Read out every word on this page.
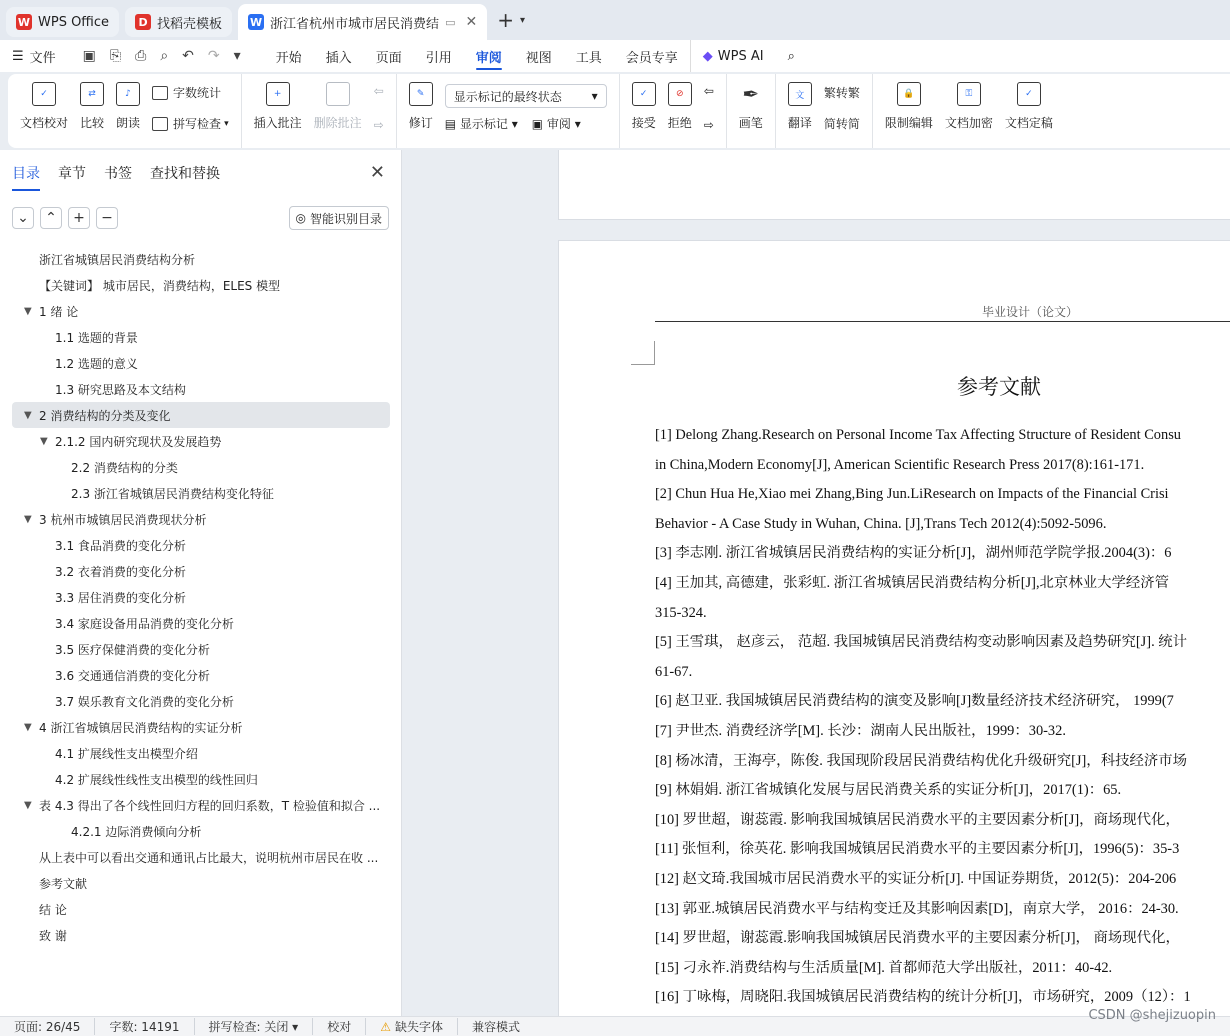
W WPS Office	D 找稻壳模板	W 浙江省杭州市城市居民消费结 ▭ ✕ + ▾
☰ 文件 ▣ ⎘ ⎙ ⌕ ↶ ↷ ▾	开始	插入	页面	引用	审阅	视图	工具	会员专享	◆ WPS AI	⌕
✓
文档校对
⇄
比较
♪
朗读
字数统计
拼写检查 ▾
+
插入批注 删除批注
⇦
⇨
✎
修订
显示标记的最终状态 ▾
▤ 显示标记 ▾ ▣ 审阅 ▾
✓
接受
⊘
拒绝
⇦
⇨
✒
画笔
文
翻译
繁 转繁
简 转简
🔒
限制编辑
⚿
文档加密
✓
文档定稿
目录 章节 书签 查找和替换	✕
⌄	⌃	+	−	◎ 智能识别目录
浙江省城镇居民消费结构分析
【关键词】 城市居民，消费结构，ELES 模型
▼ 1 绪 论
1.1 选题的背景
1.2 选题的意义
1.3 研究思路及本文结构
▼ 2 消费结构的分类及变化
▼ 2.1.2 国内研究现状及发展趋势
2.2 消费结构的分类
2.3 浙江省城镇居民消费结构变化特征
▼ 3 杭州市城镇居民消费现状分析
3.1 食品消费的变化分析
3.2 衣着消费的变化分析
3.3 居住消费的变化分析
3.4 家庭设备用品消费的变化分析
3.5 医疗保健消费的变化分析
3.6 交通通信消费的变化分析
3.7 娱乐教育文化消费的变化分析
▼ 4 浙江省城镇居民消费结构的实证分析
4.1 扩展线性支出模型介绍
4.2 扩展线性线性支出模型的线性回归
▼ 表 4.3 得出了各个线性回归方程的回归系数，T 检验值和拟合 ...
4.2.1 边际消费倾向分析
从上表中可以看出交通和通讯占比最大，说明杭州市居民在收 ...
参考文献
结 论
致 谢
毕业设计（论文）
参考文献
[1] Delong Zhang.Research on Personal Income Tax Affecting Structure of Resident Consu
in China,Modern Economy[J], American Scientific Research Press 2017(8):161-171.
[2] Chun Hua He,Xiao mei Zhang,Bing Jun.LiResearch on Impacts of the Financial Crisi
Behavior - A Case Study in Wuhan, China. [J],Trans Tech 2012(4):5092-5096.
[3] 李志刚. 浙江省城镇居民消费结构的实证分析[J]，湖州师范学院学报.2004(3)：6
[4] 王加其, 高德建，张彩虹. 浙江省城镇居民消费结构分析[J],北京林业大学经济管
315-324.
[5] 王雪琪， 赵彦云， 范超. 我国城镇居民消费结构变动影响因素及趋势研究[J]. 统计
61-67.
[6] 赵卫亚. 我国城镇居民消费结构的演变及影响[J]数量经济技术经济研究， 1999(7
[7] 尹世杰. 消费经济学[M]. 长沙：湖南人民出版社，1999：30-32.
[8] 杨冰清，王海亭，陈俊. 我国现阶段居民消费结构优化升级研究[J]，科技经济市场
[9] 林娟娟. 浙江省城镇化发展与居民消费关系的实证分析[J]，2017(1)：65.
[10] 罗世超，谢蕊霞. 影响我国城镇居民消费水平的主要因素分析[J]，商场现代化，
[11] 张恒利，徐英花. 影响我国城镇居民消费水平的主要因素分析[J]，1996(5)：35-3
[12] 赵文琦.我国城市居民消费水平的实证分析[J]. 中国证券期货，2012(5)：204-206
[13] 郭亚.城镇居民消费水平与结构变迁及其影响因素[D]，南京大学， 2016：24-30.
[14] 罗世超，谢蕊霞.影响我国城镇居民消费水平的主要因素分析[J]， 商场现代化，
[15] 刁永祚.消费结构与生活质量[M]. 首都师范大学出版社，2011：40-42.
[16] 丁咏梅，周晓阳.我国城镇居民消费结构的统计分析[J]，市场研究，2009（12）：1
页面: 26/45	字数: 14191	拼写检查: 关闭 ▾	校对	⚠ 缺失字体	兼容模式
CSDN @shejizuopin
